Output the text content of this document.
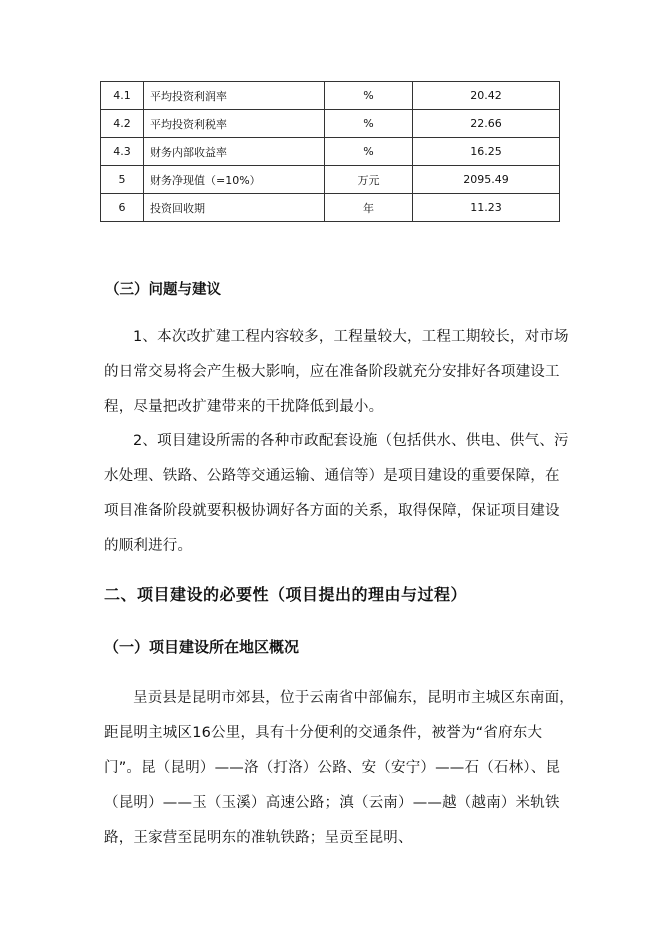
4.1	平均投资利润率	%	20.42
4.2	平均投资利税率	%	22.66
4.3	财务内部收益率	%	16.25
5	财务净现值（=10%）	万元	2095.49
6	投资回收期	年	11.23
（三）问题与建议
1、本次改扩建工程内容较多，工程量较大，工程工期较长，对市场的日常交易将会产生极大影响，应在准备阶段就充分安排好各项建设工程，尽量把改扩建带来的干扰降低到最小。
2、项目建设所需的各种市政配套设施（包括供水、供电、供气、污水处理、铁路、公路等交通运输、通信等）是项目建设的重要保障，在项目准备阶段就要积极协调好各方面的关系，取得保障，保证项目建设的顺利进行。
二、项目建设的必要性（项目提出的理由与过程）
（一）项目建设所在地区概况
呈贡县是昆明市郊县，位于云南省中部偏东，昆明市主城区东南面，距昆明主城区16公里，具有十分便利的交通条件，被誉为“省府东大门”。昆（昆明）——洛（打洛）公路、安（安宁）——石（石林）、昆（昆明）——玉（玉溪）高速公路；滇（云南）——越（越南）米轨铁路，王家营至昆明东的准轨铁路；呈贡至昆明、
